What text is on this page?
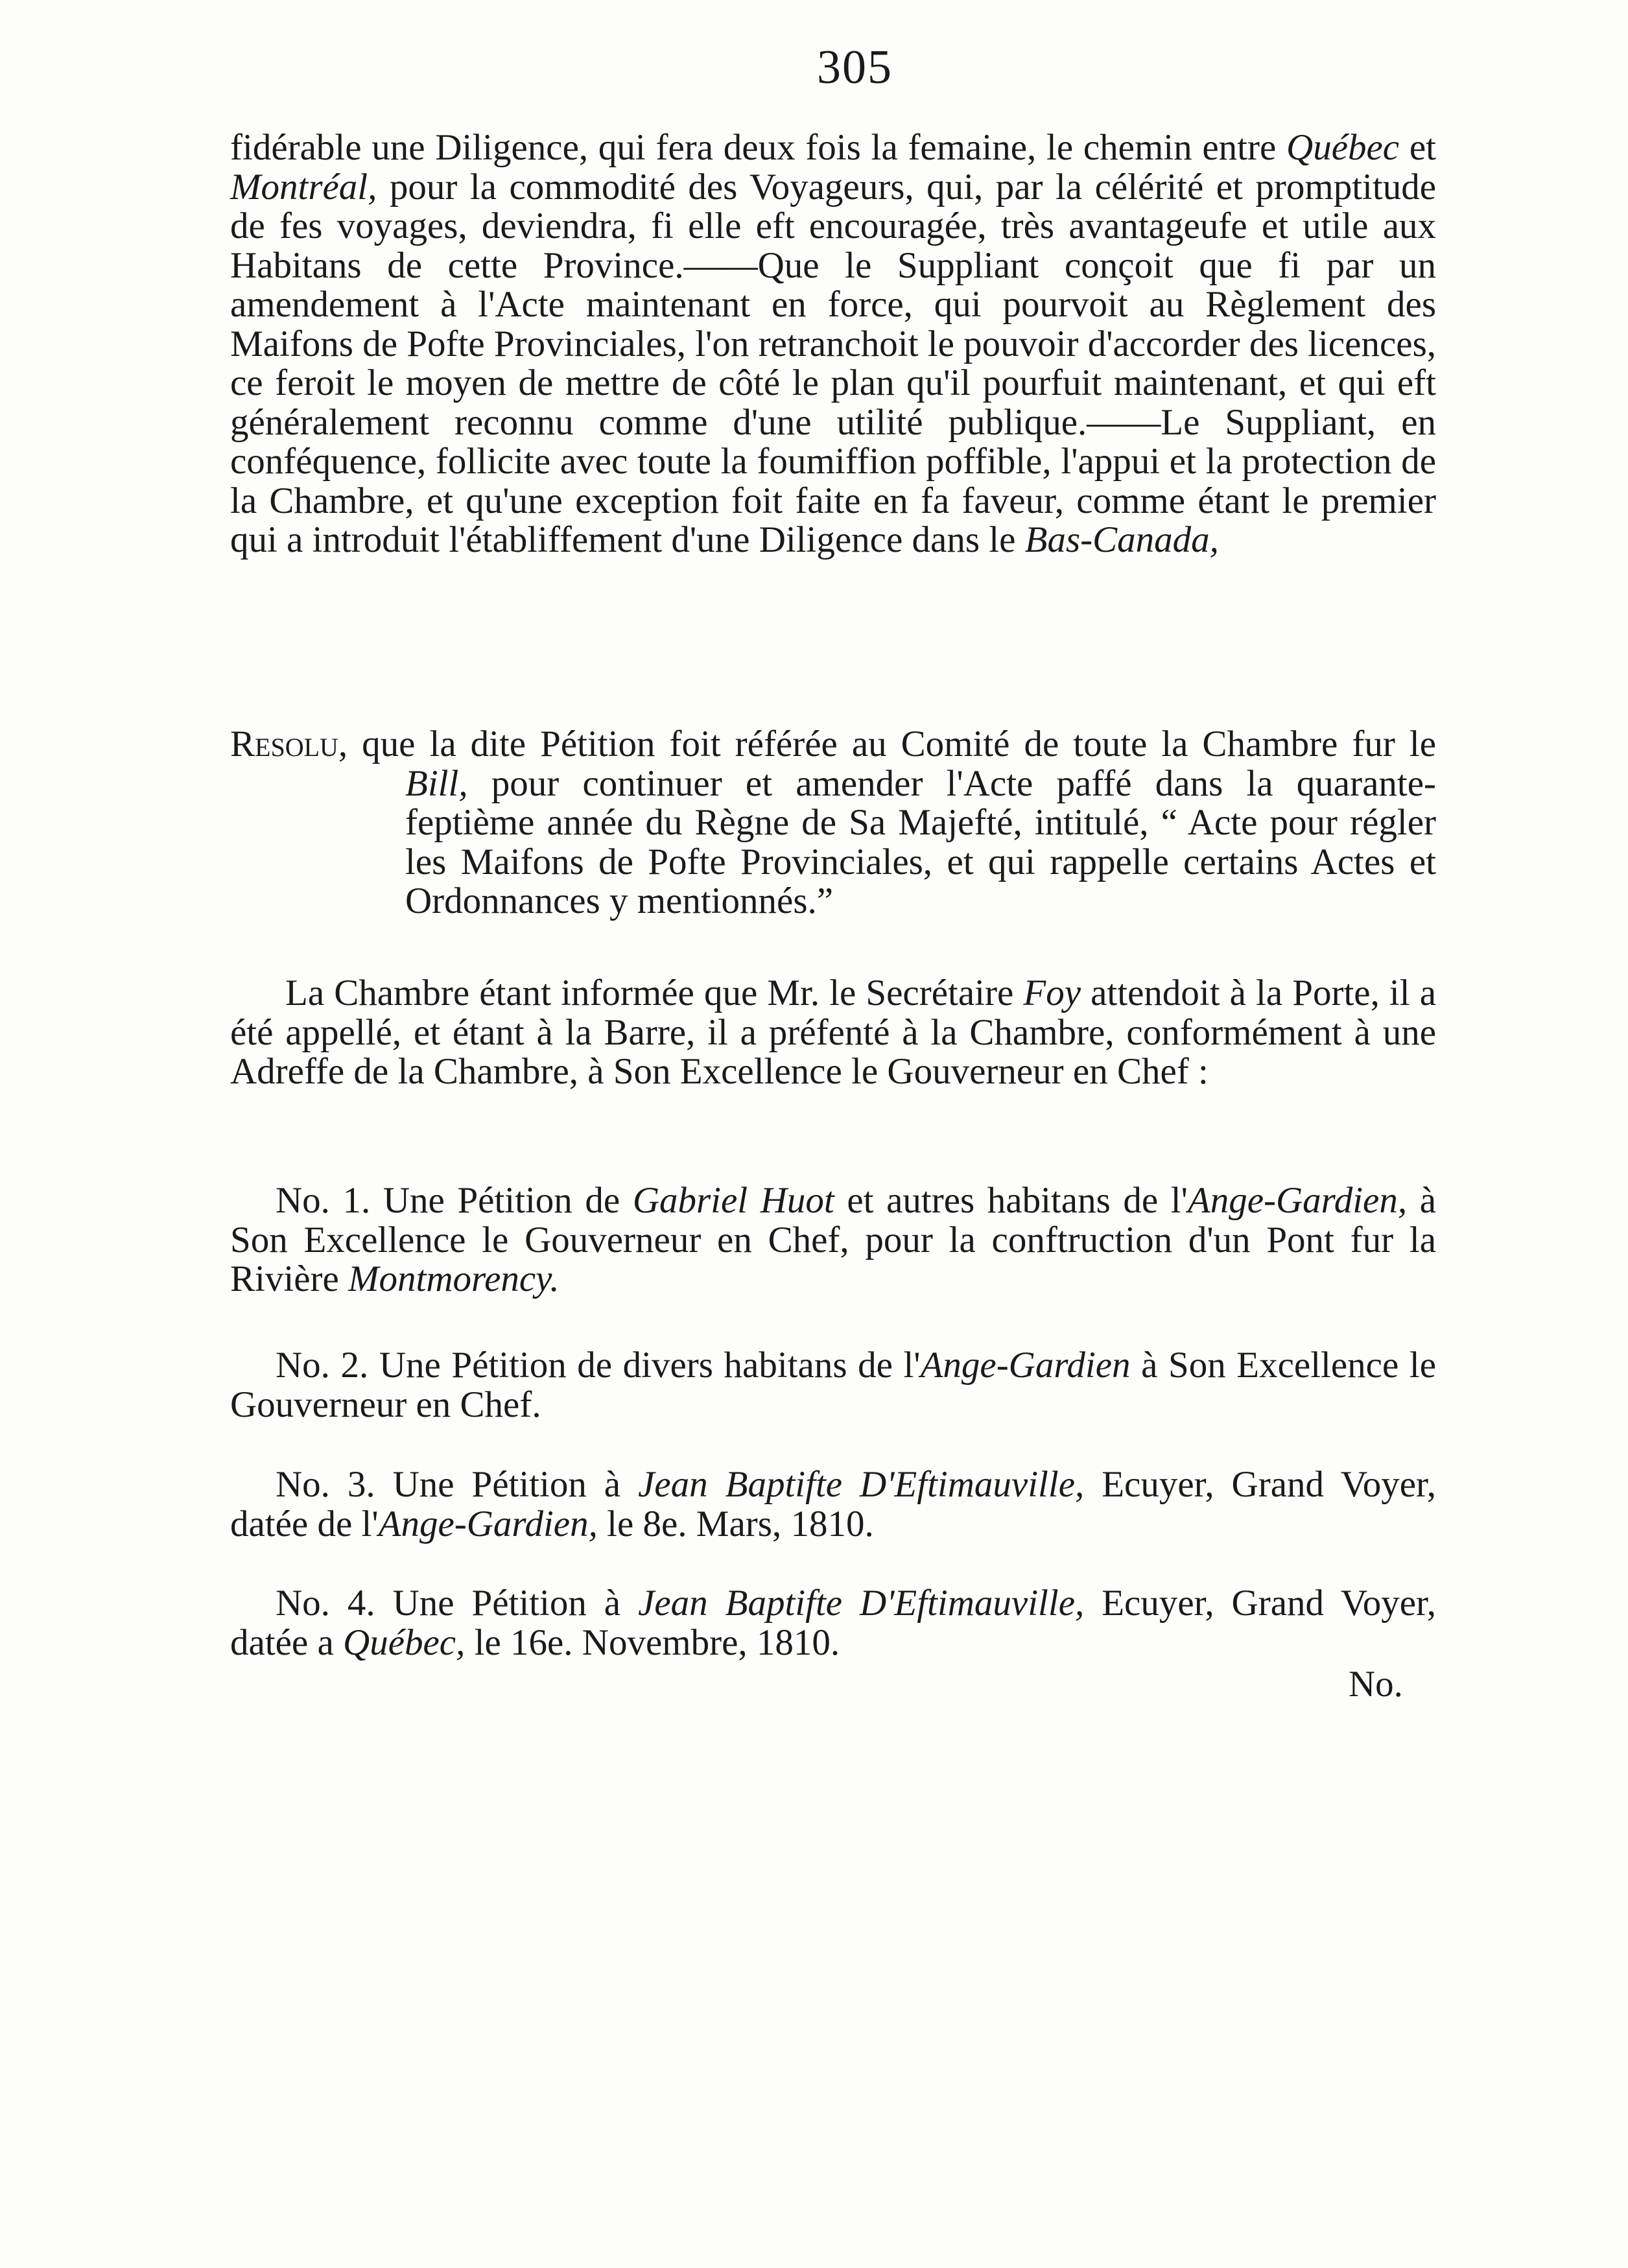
305

fidérable une Diligence, qui fera deux fois la femaine, le chemin entre Québec et Montréal, pour la commodité des Voyageurs, qui, par la célérité et promptitude de fes voyages, deviendra, fi elle eft encouragée, très avantageufe et utile aux Habitans de cette Province.——Que le Suppliant conçoit que fi par un amendement à l'Acte maintenant en force, qui pourvoit au Règlement des Maifons de Pofte Provinciales, l'on retranchoit le pouvoir d'accorder des licences, ce feroit le moyen de mettre de côté le plan qu'il pourfuit maintenant, et qui eft généralement reconnu comme d'une utilité publique.——Le Suppliant, en conféquence, follicite avec toute la foumiffion poffible, l'appui et la protection de la Chambre, et qu'une exception foit faite en fa faveur, comme étant le premier qui a introduit l'établiffement d'une Diligence dans le Bas-Canada,

Resolu, que la dite Pétition foit référée au Comité de toute la Chambre fur le Bill, pour continuer et amender l'Acte paffé dans la quarante-feptième année du Règne de Sa Majefté, intitulé, “ Acte pour régler les Maifons de Pofte Provinciales, et qui rappelle certains Actes et Ordonnances y mentionnés.”

La Chambre étant informée que Mr. le Secrétaire Foy attendoit à la Porte, il a été appellé, et étant à la Barre, il a préfenté à la Chambre, conformément à une Adreffe de la Chambre, à Son Excellence le Gouverneur en Chef :

No. 1. Une Pétition de Gabriel Huot et autres habitans de l'Ange-Gardien, à Son Excellence le Gouverneur en Chef, pour la conftruction d'un Pont fur la Rivière Montmorency.

No. 2. Une Pétition de divers habitans de l'Ange-Gardien à Son Excellence le Gouverneur en Chef.

No. 3. Une Pétition à Jean Baptifte D'Eftimauville, Ecuyer, Grand Voyer, datée de l'Ange-Gardien, le 8e. Mars, 1810.

No. 4. Une Pétition à Jean Baptifte D'Eftimauville, Ecuyer, Grand Voyer, datée a Québec, le 16e. Novembre, 1810.

No.
